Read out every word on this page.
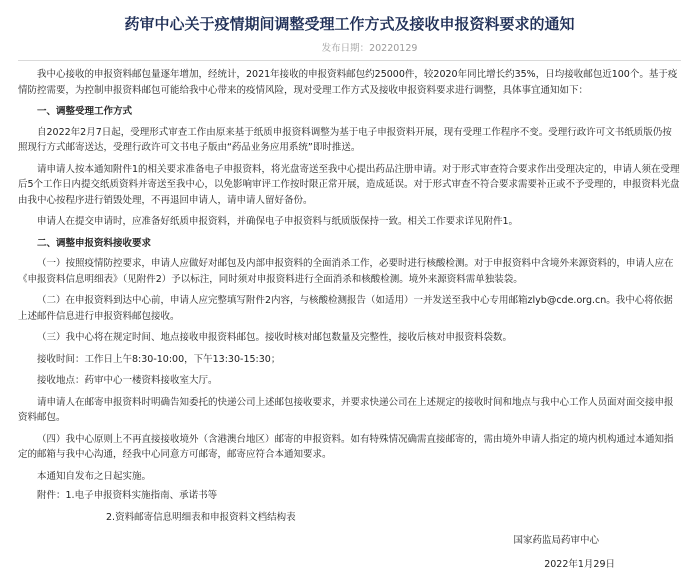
药审中心关于疫情期间调整受理工作方式及接收申报资料要求的通知
发布日期：20220129

我中心接收的申报资料邮包量逐年增加，经统计，2021年接收的申报资料邮包约25000件，较2020年同比增长约35%，日均接收邮包近100个。基于疫情防控需要，为控制申报资料邮包可能给我中心带来的疫情风险，现对受理工作方式及接收申报资料要求进行调整，具体事宜通知如下：

一、调整受理工作方式

自2022年2月7日起，受理形式审查工作由原来基于纸质申报资料调整为基于电子申报资料开展，现有受理工作程序不变。受理行政许可文书纸质版仍按照现行方式邮寄送达，受理行政许可文书电子版由“药品业务应用系统”即时推送。

请申请人按本通知附件1的相关要求准备电子申报资料，将光盘寄送至我中心提出药品注册申请。对于形式审查符合要求作出受理决定的，申请人须在受理后5个工作日内提交纸质资料并寄送至我中心，以免影响审评工作按时限正常开展，造成延误。对于形式审查不符合要求需要补正或不予受理的，申报资料光盘由我中心按程序进行销毁处理，不再退回申请人，请申请人留好备份。

申请人在提交申请时，应准备好纸质申报资料，并确保电子申报资料与纸质版保持一致。相关工作要求详见附件1。

二、调整申报资料接收要求

（一）按照疫情防控要求，申请人应做好对邮包及内部申报资料的全面消杀工作，必要时进行核酸检测。对于申报资料中含境外来源资料的，申请人应在《申报资料信息明细表》（见附件2）予以标注，同时须对申报资料进行全面消杀和核酸检测。境外来源资料需单独装袋。

（二）在申报资料到达中心前，申请人应完整填写附件2内容，与核酸检测报告（如适用）一并发送至我中心专用邮箱zlyb@cde.org.cn。我中心将依据上述邮件信息进行申报资料邮包接收。

（三）我中心将在规定时间、地点接收申报资料邮包。接收时核对邮包数量及完整性，接收后核对申报资料袋数。

接收时间：工作日上午8:30-10:00，下午13:30-15:30；

接收地点：药审中心一楼资料接收室大厅。

请申请人在邮寄申报资料时明确告知委托的快递公司上述邮包接收要求，并要求快递公司在上述规定的接收时间和地点与我中心工作人员面对面交接申报资料邮包。

（四）我中心原则上不再直接接收境外（含港澳台地区）邮寄的申报资料。如有特殊情况确需直接邮寄的，需由境外申请人指定的境内机构通过本通知指定的邮箱与我中心沟通，经我中心同意方可邮寄，邮寄应符合本通知要求。

本通知自发布之日起实施。

附件： 1.电子申报资料实施指南、承诺书等
2.资料邮寄信息明细表和申报资料文档结构表
国家药监局药审中心
2022年1月29日
